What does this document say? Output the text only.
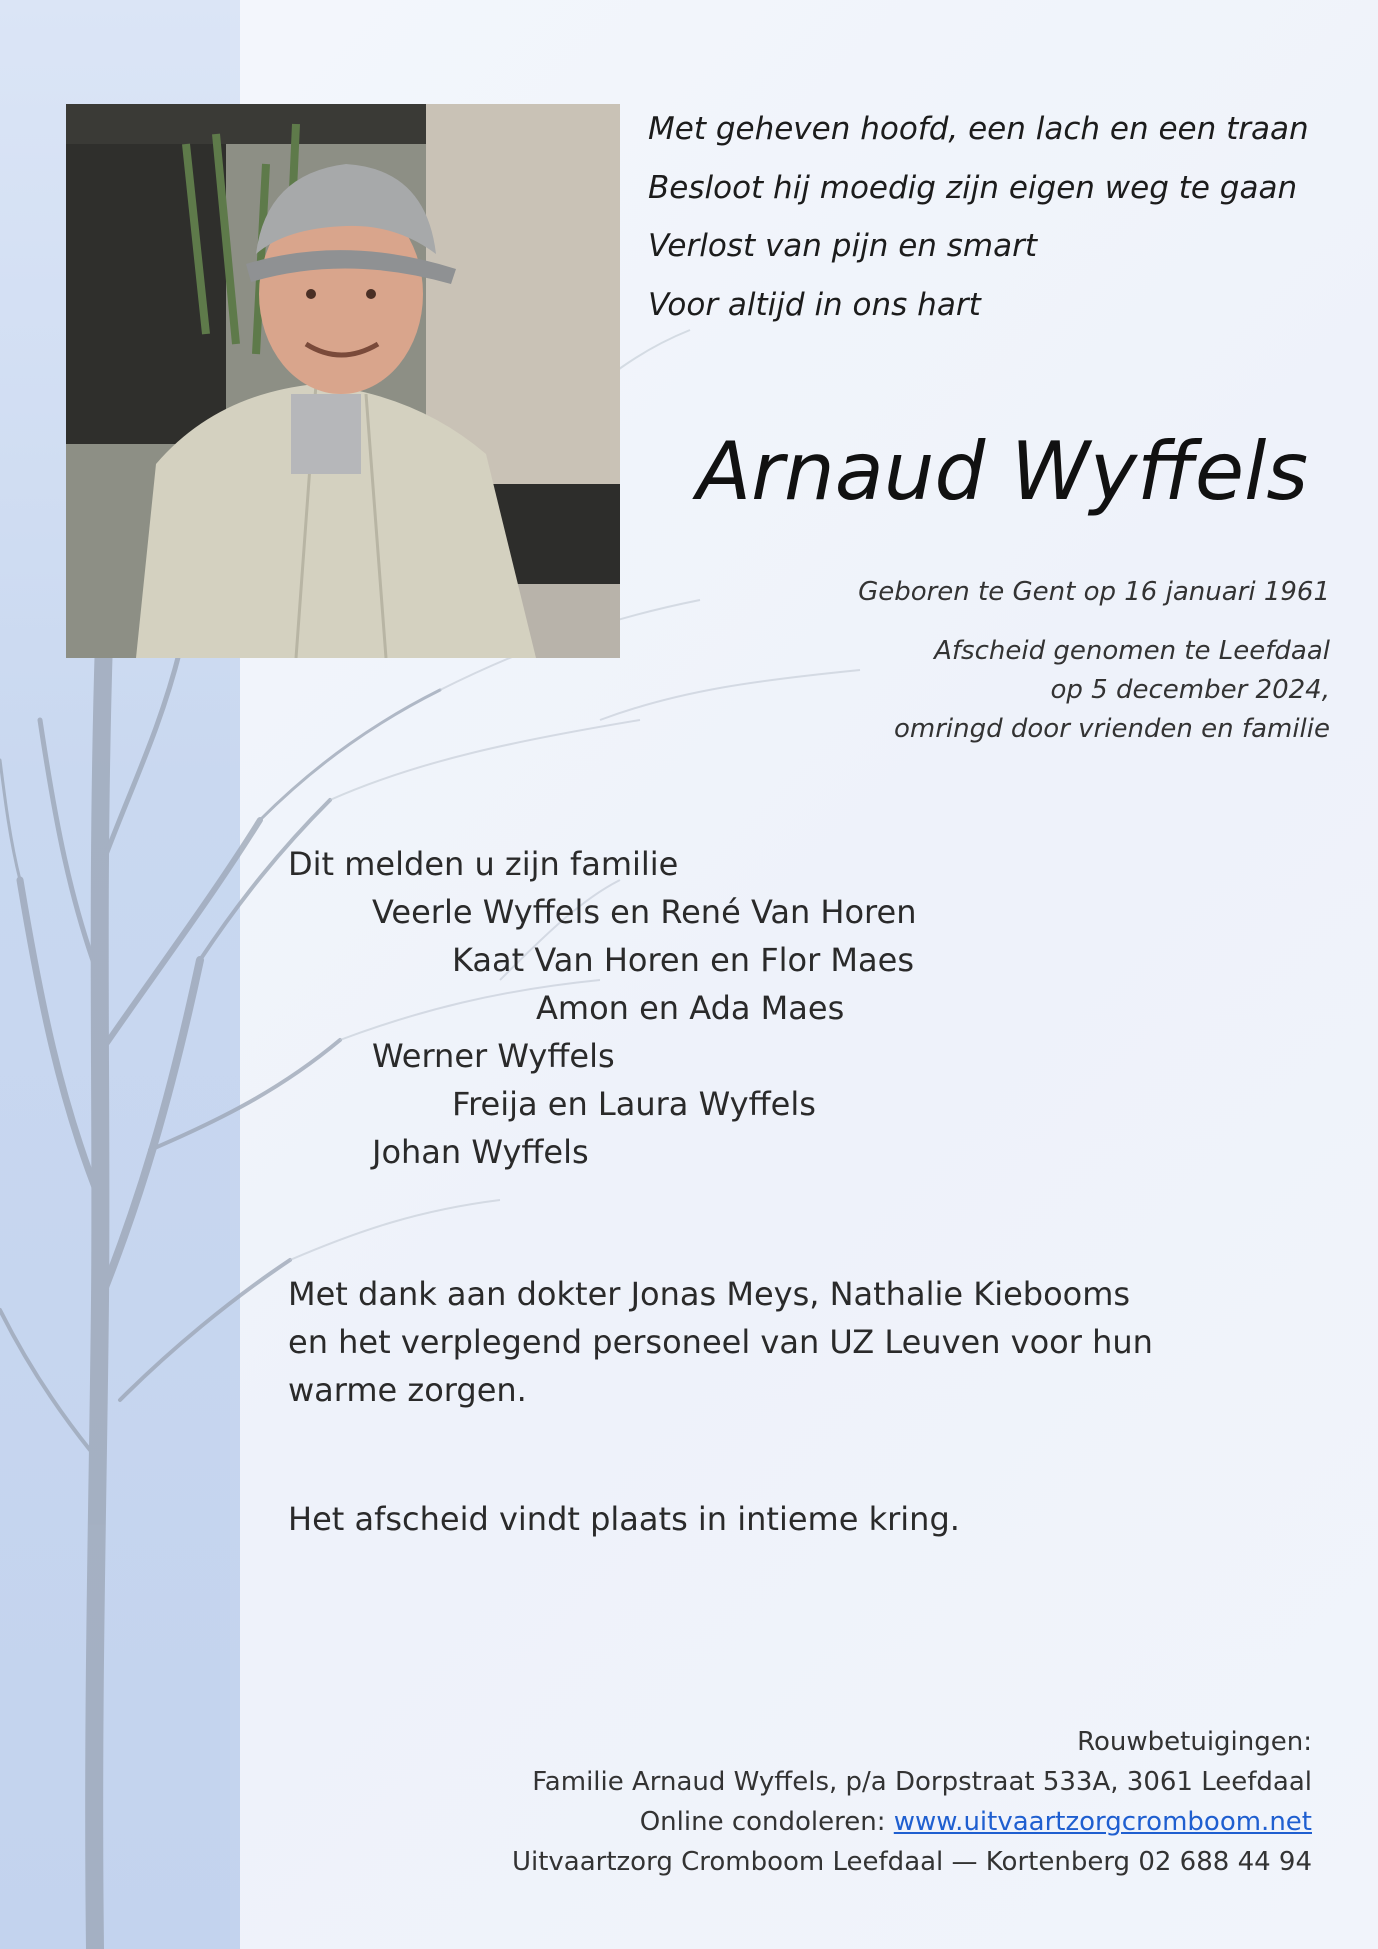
Met geheven hoofd, een lach en een traan
Besloot hij moedig zijn eigen weg te gaan
Verlost van pijn en smart
Voor altijd in ons hart
Arnaud Wyffels
Geboren te Gent op 16 januari 1961
Afscheid genomen te Leefdaal
op 5 december 2024,
omringd door vrienden en familie
Dit melden u zijn familie
Veerle Wyffels en René Van Horen
Kaat Van Horen en Flor Maes
Amon en Ada Maes
Werner Wyffels
Freija en Laura Wyffels
Johan Wyffels
Met dank aan dokter Jonas Meys, Nathalie Kiebooms
en het verplegend personeel van UZ Leuven voor hun
warme zorgen.
Het afscheid vindt plaats in intieme kring.
Rouwbetuigingen:
Familie Arnaud Wyffels, p/a Dorpstraat 533A, 3061 Leefdaal
Online condoleren: www.uitvaartzorgcromboom.net
Uitvaartzorg Cromboom Leefdaal — Kortenberg 02 688 44 94
